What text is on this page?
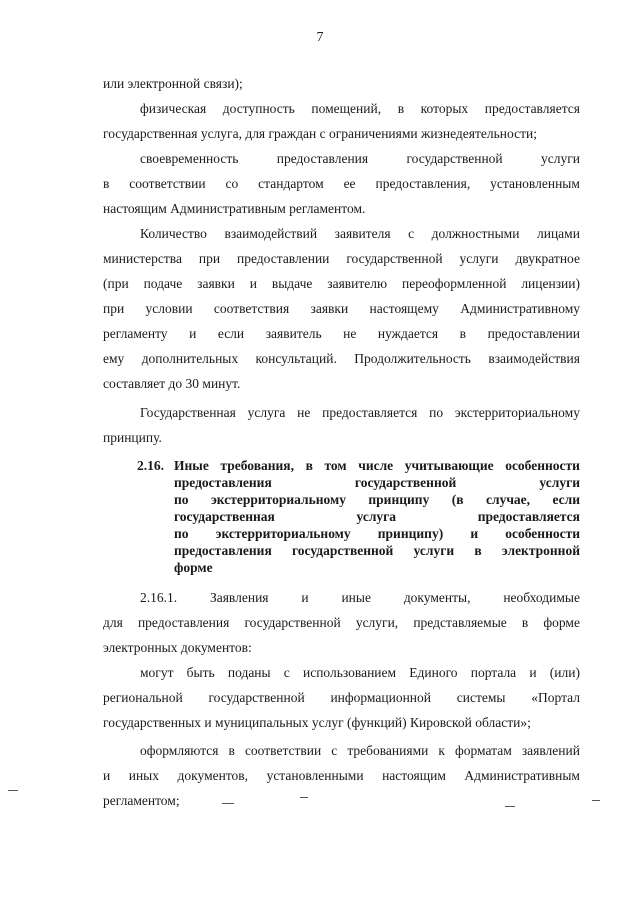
7
2.16.
или электронной связи);
физическая доступность помещений, в которых предоставляется
государственная услуга, для граждан с ограничениями жизнедеятельности;
своевременность	предоставления	государственной	услуги
в соответствии со стандартом ее предоставления, установленным
настоящим Административным регламентом.
Количество взаимодействий заявителя с должностными лицами
министерства при предоставлении государственной услуги двукратное
(при подаче заявки и выдаче заявителю переоформленной лицензии)
при условии соответствия заявки настоящему Административному
регламенту и если заявитель не нуждается в предоставлении
ему дополнительных консультаций. Продолжительность взаимодействия
составляет до 30 минут.
Государственная услуга не предоставляется по экстерриториальному
принципу.
Иные требования, в том числе учитывающие особенности
предоставления	государственной	услуги
по экстерриториальному принципу (в случае, если
государственная	услуга	предоставляется
по экстерриториальному принципу) и особенности
предоставления государственной услуги в электронной
форме
2.16.1. Заявления и иные документы, необходимые
для предоставления государственной услуги, представляемые в форме
электронных документов:
могут быть поданы с использованием Единого портала и (или)
региональной государственной информационной системы «Портал
государственных и муниципальных услуг (функций) Кировской области»;
оформляются в соответствии с требованиями к форматам заявлений
и иных документов, установленными настоящим Административным
регламентом;
